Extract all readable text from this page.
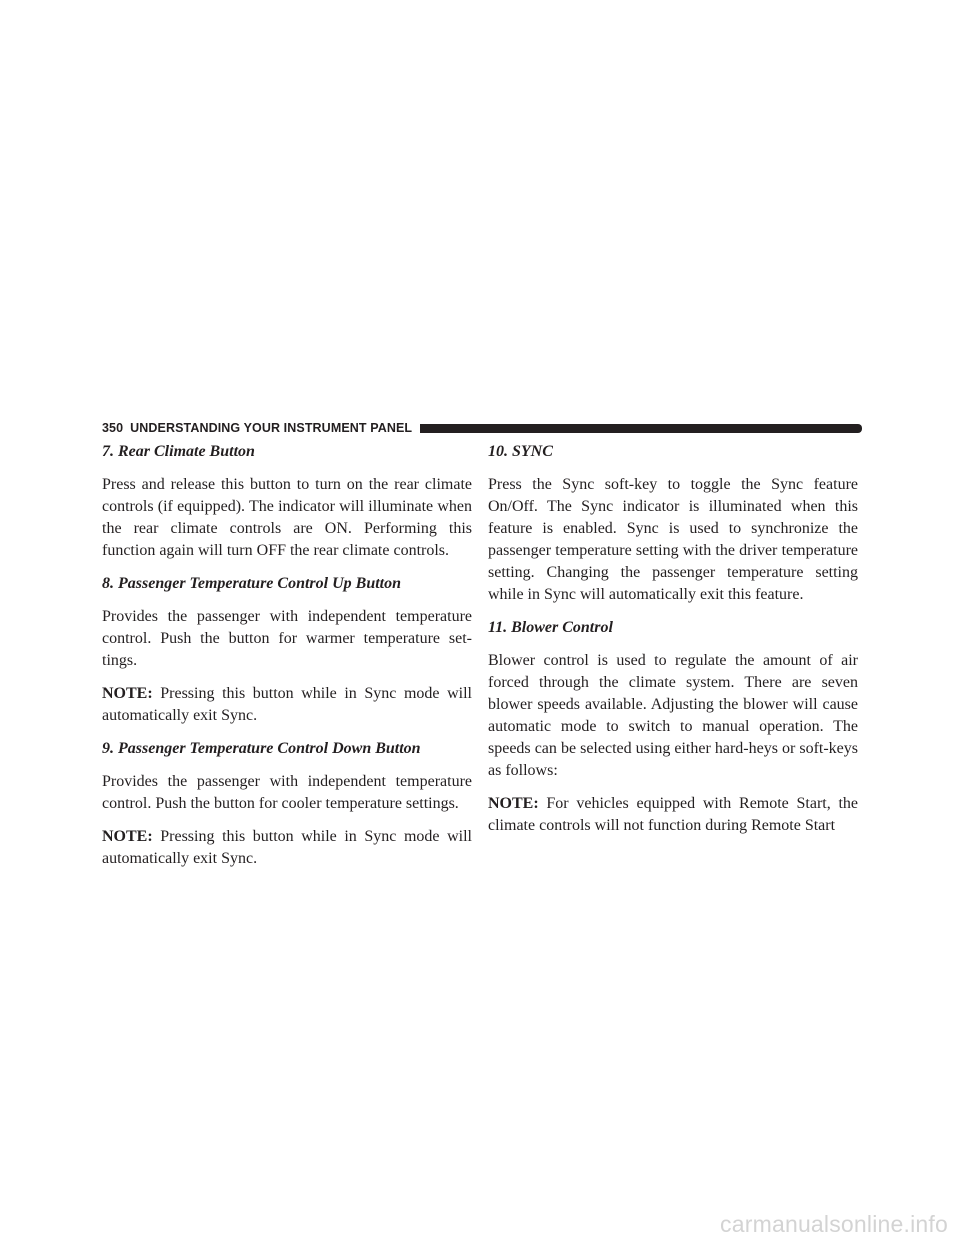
350 UNDERSTANDING YOUR INSTRUMENT PANEL
7. Rear Climate Button

Press and release this button to turn on the rear climate controls (if equipped). The indicator will illuminate when the rear climate controls are ON. Performing this function again will turn OFF the rear climate controls.

8. Passenger Temperature Control Up Button

Provides the passenger with independent temperature control. Push the button for warmer temperature set-tings.

NOTE: Pressing this button while in Sync mode will automatically exit Sync.

9. Passenger Temperature Control Down Button

Provides the passenger with independent temperature control. Push the button for cooler temperature settings.

NOTE: Pressing this button while in Sync mode will automatically exit Sync.

10. SYNC

Press the Sync soft-key to toggle the Sync feature On/Off. The Sync indicator is illuminated when this feature is enabled. Sync is used to synchronize the passenger temperature setting with the driver temperature setting. Changing the passenger temperature setting while in Sync will automatically exit this feature.

11. Blower Control

Blower control is used to regulate the amount of air forced through the climate system. There are seven blower speeds available. Adjusting the blower will cause automatic mode to switch to manual operation. The speeds can be selected using either hard-heys or soft-keys as follows:

NOTE: For vehicles equipped with Remote Start, the climate controls will not function during Remote Start

carmanualsonline.info
